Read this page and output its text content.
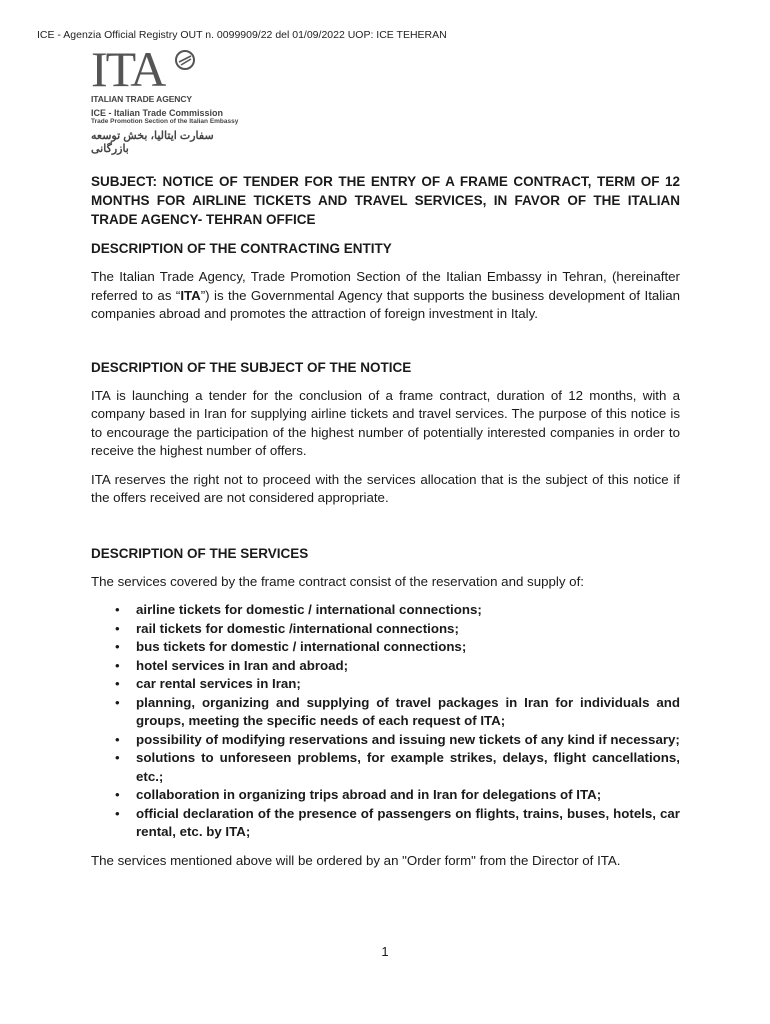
ICE - Agenzia Official Registry OUT n. 0099909/22 del 01/09/2022 UOP: ICE TEHERAN
ITA
ITALIAN TRADE AGENCY
ICE - Italian Trade Commission
Trade Promotion Section of the Italian Embassy
سفارت ایتالیا، بخش توسعه بازرگانی
SUBJECT: NOTICE OF TENDER FOR THE ENTRY OF A FRAME CONTRACT, TERM OF 12 MONTHS FOR AIRLINE TICKETS AND TRAVEL SERVICES, IN FAVOR OF THE ITALIAN TRADE AGENCY- TEHRAN OFFICE
DESCRIPTION OF THE CONTRACTING ENTITY

The Italian Trade Agency, Trade Promotion Section of the Italian Embassy in Tehran, (hereinafter referred to as “ITA”) is the Governmental Agency that supports the business development of Italian companies abroad and promotes the attraction of foreign investment in Italy.

DESCRIPTION OF THE SUBJECT OF THE NOTICE

ITA is launching a tender for the conclusion of a frame contract, duration of 12 months, with a company based in Iran for supplying airline tickets and travel services. The purpose of this notice is to encourage the participation of the highest number of potentially interested companies in order to receive the highest number of offers.

ITA reserves the right not to proceed with the services allocation that is the subject of this notice if the offers received are not considered appropriate.

DESCRIPTION OF THE SERVICES

The services covered by the frame contract consist of the reservation and supply of:

• airline tickets for domestic / international connections;
• rail tickets for domestic /international connections;
• bus tickets for domestic / international connections;
• hotel services in Iran and abroad;
• car rental services in Iran;
• planning, organizing and supplying of travel packages in Iran for individuals and groups, meeting the specific needs of each request of ITA;
• possibility of modifying reservations and issuing new tickets of any kind if necessary;
• solutions to unforeseen problems, for example strikes, delays, flight cancellations, etc.;
• collaboration in organizing trips abroad and in Iran for delegations of ITA;
• official declaration of the presence of passengers on flights, trains, buses, hotels, car rental, etc. by ITA;

The services mentioned above will be ordered by an "Order form" from the Director of ITA.

1
